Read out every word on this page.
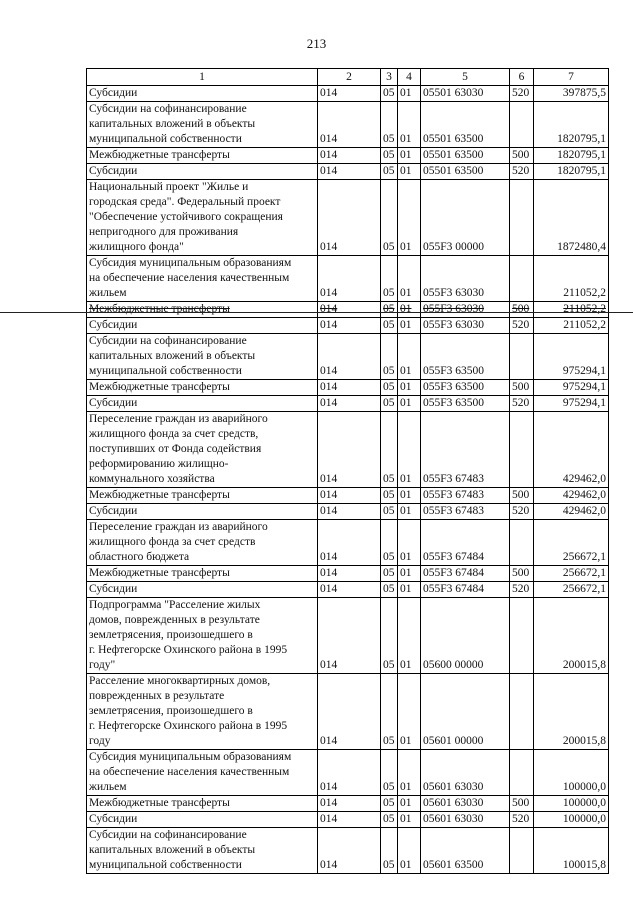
213
1	2	3	4	5	6	7
Субсидии	014	05	01	05501 63030	520	397875,5
Субсидии на софинансирование
капитальных вложений в объекты
муниципальной собственности	014	05	01	05501 63500		1820795,1
Межбюджетные трансферты	014	05	01	05501 63500	500	1820795,1
Субсидии	014	05	01	05501 63500	520	1820795,1
Национальный проект "Жилье и
городская среда". Федеральный проект
"Обеспечение устойчивого сокращения
непригодного для проживания
жилищного фонда"	014	05	01	055F3 00000		1872480,4
Субсидия муниципальным образованиям
на обеспечение населения качественным
жильем	014	05	01	055F3 63030		211052,2
Межбюджетные трансферты	014	05	01	055F3 63030	500	211052,2
Субсидии	014	05	01	055F3 63030	520	211052,2
Субсидии на софинансирование
капитальных вложений в объекты
муниципальной собственности	014	05	01	055F3 63500		975294,1
Межбюджетные трансферты	014	05	01	055F3 63500	500	975294,1
Субсидии	014	05	01	055F3 63500	520	975294,1
Переселение граждан из аварийного
жилищного фонда за счет средств,
поступивших от Фонда содействия
реформированию жилищно-
коммунального хозяйства	014	05	01	055F3 67483		429462,0
Межбюджетные трансферты	014	05	01	055F3 67483	500	429462,0
Субсидии	014	05	01	055F3 67483	520	429462,0
Переселение граждан из аварийного
жилищного фонда за счет средств
областного бюджета	014	05	01	055F3 67484		256672,1
Межбюджетные трансферты	014	05	01	055F3 67484	500	256672,1
Субсидии	014	05	01	055F3 67484	520	256672,1
Подпрограмма "Расселение жилых
домов, поврежденных в результате
землетрясения, произошедшего в
г. Нефтегорске Охинского района в 1995
году"	014	05	01	05600 00000		200015,8
Расселение многоквартирных домов,
поврежденных в результате
землетрясения, произошедшего в
г. Нефтегорске Охинского района в 1995
году	014	05	01	05601 00000		200015,8
Субсидия муниципальным образованиям
на обеспечение населения качественным
жильем	014	05	01	05601 63030		100000,0
Межбюджетные трансферты	014	05	01	05601 63030	500	100000,0
Субсидии	014	05	01	05601 63030	520	100000,0
Субсидии на софинансирование
капитальных вложений в объекты
муниципальной собственности	014	05	01	05601 63500		100015,8
